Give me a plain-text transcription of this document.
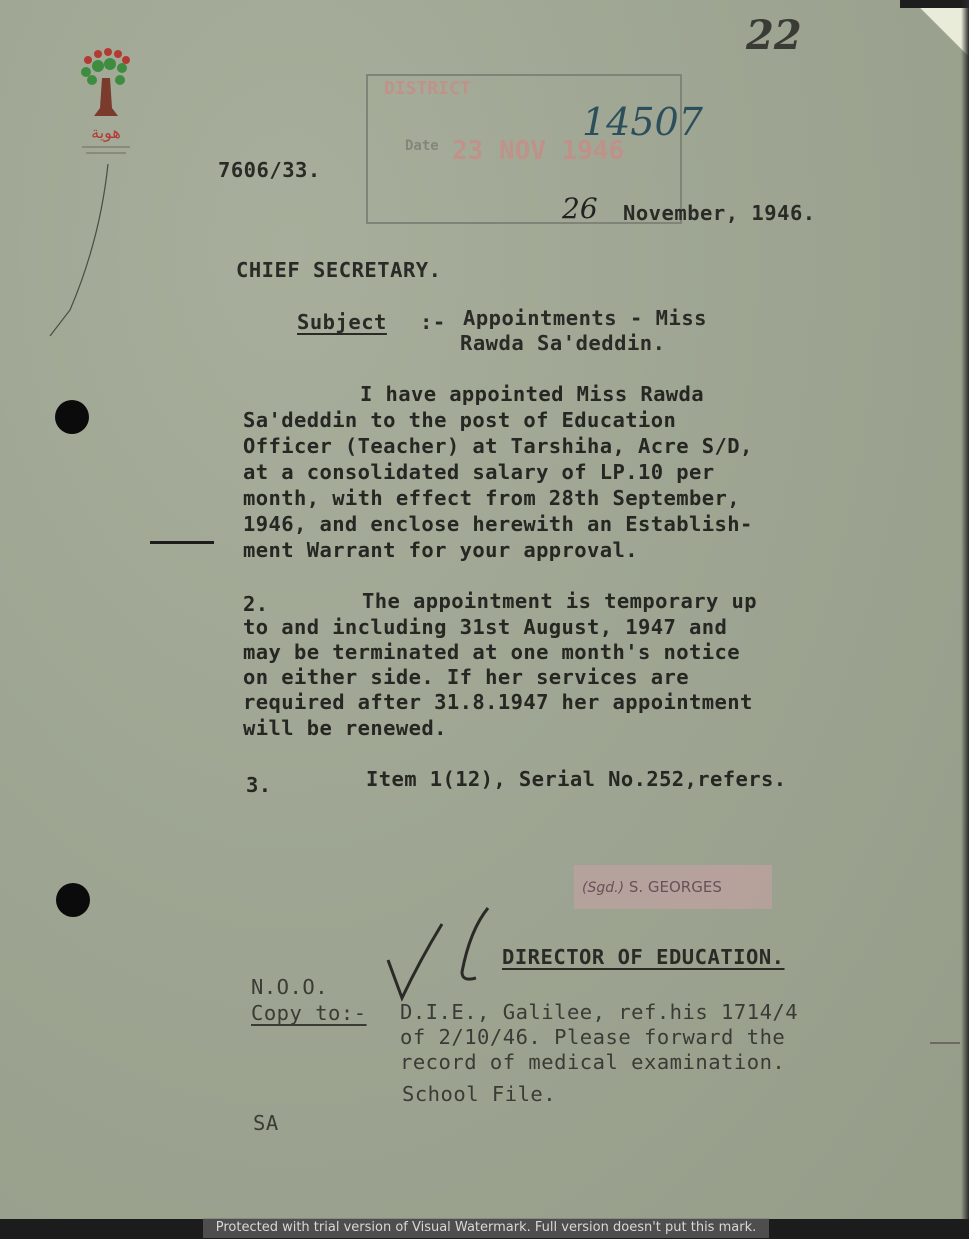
هوية
22
7606/33.
DISTRICT
Date 23 NOV 1946
14507
26 November, 1946.
CHIEF SECRETARY.
Subject :- Appointments - Miss
Rawda Sa'deddin.
I have appointed Miss Rawda
Sa'deddin to the post of Education
Officer (Teacher) at Tarshiha, Acre S/D,
at a consolidated salary of LP.10 per
month, with effect from 28th September,
1946, and enclose herewith an Establish-
ment Warrant for your approval.
2.	The appointment is temporary up
to and including 31st August, 1947 and
may be terminated at one month's notice
on either side. If her services are
required after 31.8.1947 her appointment
will be renewed.
3.	Item 1(12), Serial No.252,refers.
(Sgd.) S. GEORGES
DIRECTOR OF EDUCATION.
N.O.O.
Copy to:- D.I.E., Galilee, ref.his 1714/4
of 2/10/46. Please forward the
record of medical examination.
School File.
SA
Protected with trial version of Visual Watermark. Full version doesn't put this mark.
